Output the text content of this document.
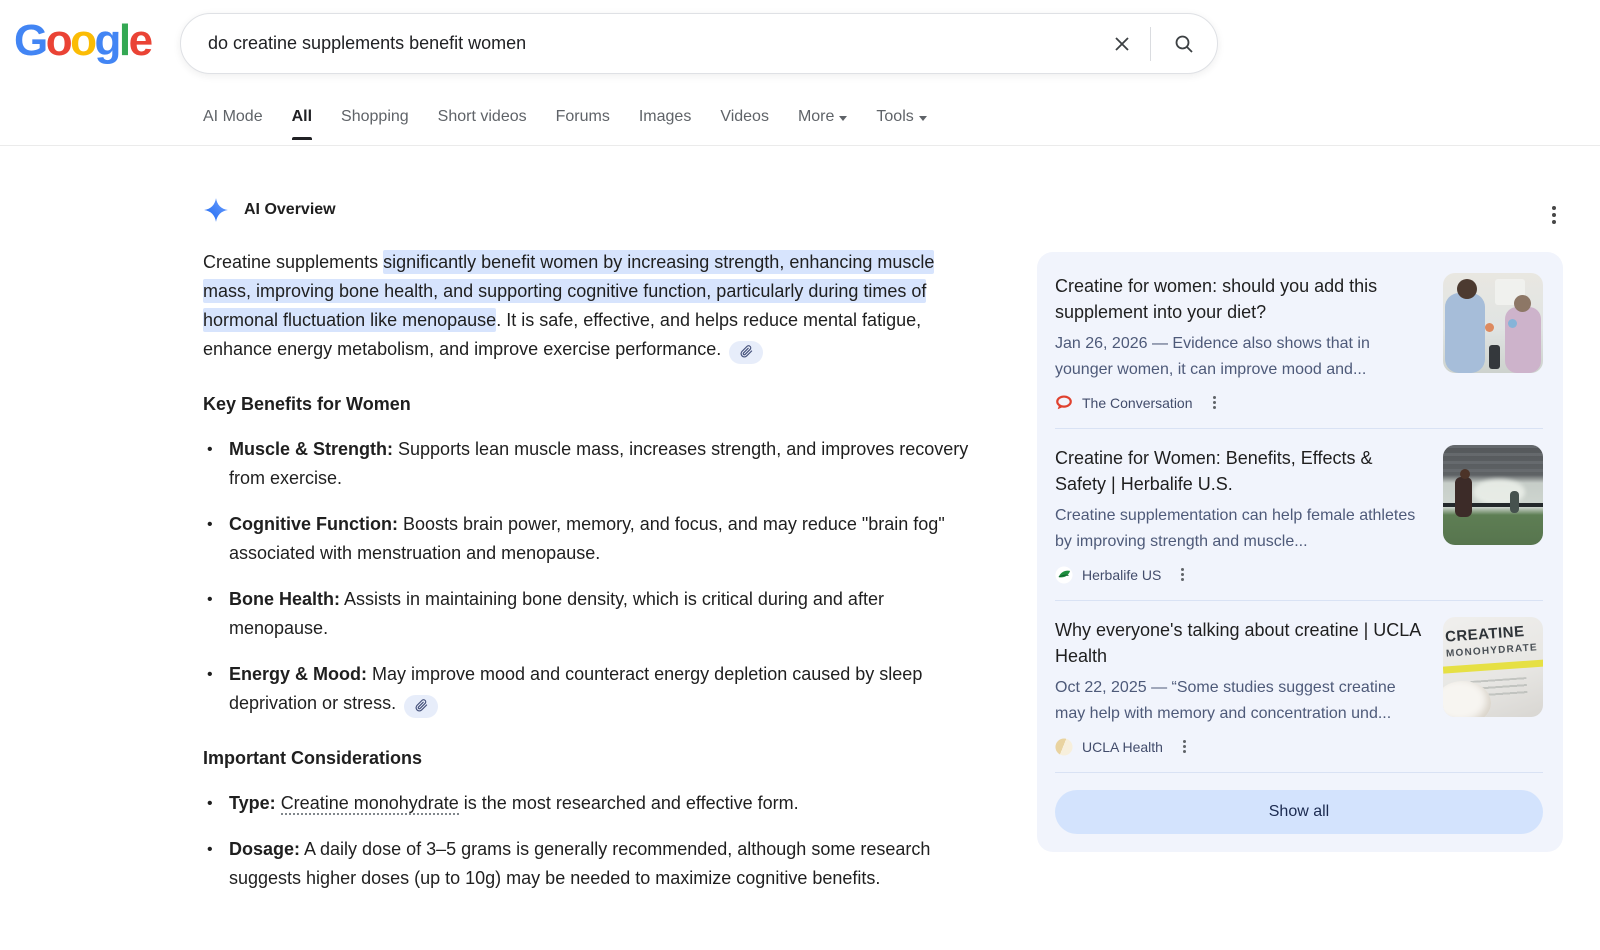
Google
do creatine supplements benefit women
AI Mode All Shopping Short videos Forums Images Videos More	Tools
AI Overview
Creatine supplements significantly benefit women by increasing strength, enhancing muscle mass, improving bone health, and supporting cognitive function, particularly during times of hormonal fluctuation like menopause. It is safe, effective, and helps reduce mental fatigue, enhance energy metabolism, and improve exercise performance.
Key Benefits for Women
• Muscle & Strength: Supports lean muscle mass, increases strength, and improves recovery from exercise.
• Cognitive Function: Boosts brain power, memory, and focus, and may reduce "brain fog" associated with menstruation and menopause.
• Bone Health: Assists in maintaining bone density, which is critical during and after menopause.
• Energy & Mood: May improve mood and counteract energy depletion caused by sleep deprivation or stress.
Important Considerations
• Type: Creatine monohydrate is the most researched and effective form.
• Dosage: A daily dose of 3–5 grams is generally recommended, although some research suggests higher doses (up to 10g) may be needed to maximize cognitive benefits.
Creatine for women: should you add this supplement into your diet?
Jan 26, 2026 — Evidence also shows that in younger women, it can improve mood and...
The Conversation
Creatine for Women: Benefits, Effects & Safety | Herbalife U.S.
Creatine supplementation can help female athletes by improving strength and muscle...
Herbalife US
Why everyone's talking about creatine | UCLA Health
Oct 22, 2025 — “Some studies suggest creatine may help with memory and concentration und...
UCLA Health
CREATINE
MONOHYDRATE
Show all
